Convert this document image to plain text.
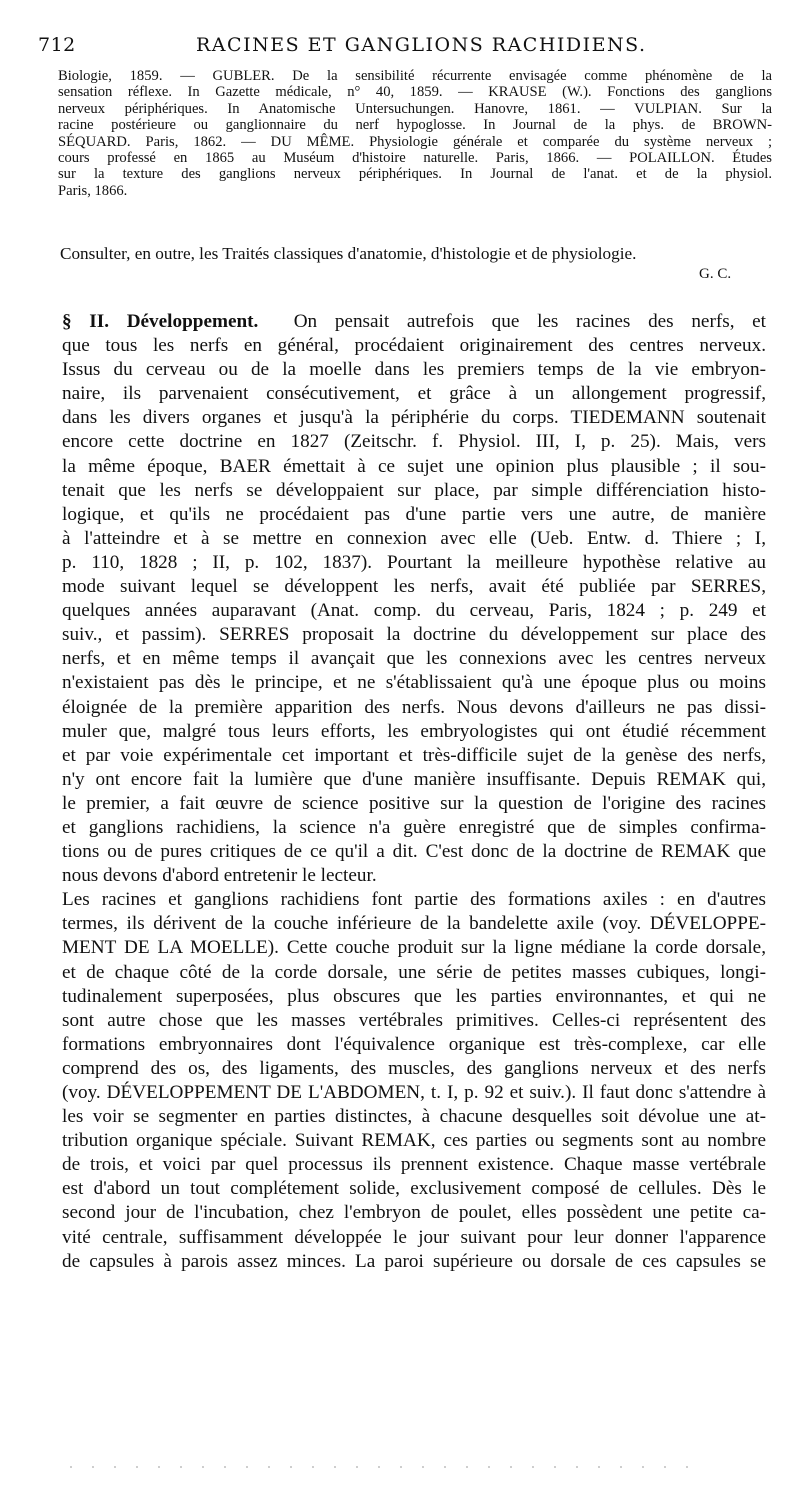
712	RACINES ET GANGLIONS RACHIDIENS.
Biologie, 1859. — GUBLER. De la sensibilité récurrente envisagée comme phénomène de la
sensation réflexe. In Gazette médicale, n° 40, 1859. — KRAUSE (W.). Fonctions des ganglions
nerveux périphériques. In Anatomische Untersuchungen. Hanovre, 1861. — VULPIAN. Sur la
racine postérieure ou ganglionnaire du nerf hypoglosse. In Journal de la phys. de BROWN-
SÉQUARD. Paris, 1862. — DU MÊME. Physiologie générale et comparée du système nerveux ;
cours professé en 1865 au Muséum d'histoire naturelle. Paris, 1866. — POLAILLON. Études
sur la texture des ganglions nerveux périphériques. In Journal de l'anat. et de la physiol.
Paris, 1866.
Consulter, en outre, les Traités classiques d'anatomie, d'histologie et de physiologie.
G. C.
§ II. Développement. On pensait autrefois que les racines des nerfs, et
que tous les nerfs en général, procédaient originairement des centres nerveux.
Issus du cerveau ou de la moelle dans les premiers temps de la vie embryon-
naire, ils parvenaient consécutivement, et grâce à un allongement progressif,
dans les divers organes et jusqu'à la périphérie du corps. TIEDEMANN soutenait
encore cette doctrine en 1827 (Zeitschr. f. Physiol. III, I, p. 25). Mais, vers
la même époque, BAER émettait à ce sujet une opinion plus plausible ; il sou-
tenait que les nerfs se développaient sur place, par simple différenciation histo-
logique, et qu'ils ne procédaient pas d'une partie vers une autre, de manière
à l'atteindre et à se mettre en connexion avec elle (Ueb. Entw. d. Thiere ; I,
p. 110, 1828 ; II, p. 102, 1837). Pourtant la meilleure hypothèse relative au
mode suivant lequel se développent les nerfs, avait été publiée par SERRES,
quelques années auparavant (Anat. comp. du cerveau, Paris, 1824 ; p. 249 et
suiv., et passim). SERRES proposait la doctrine du développement sur place des
nerfs, et en même temps il avançait que les connexions avec les centres nerveux
n'existaient pas dès le principe, et ne s'établissaient qu'à une époque plus ou moins
éloignée de la première apparition des nerfs. Nous devons d'ailleurs ne pas dissi-
muler que, malgré tous leurs efforts, les embryologistes qui ont étudié récemment
et par voie expérimentale cet important et très-difficile sujet de la genèse des nerfs,
n'y ont encore fait la lumière que d'une manière insuffisante. Depuis REMAK qui,
le premier, a fait œuvre de science positive sur la question de l'origine des racines
et ganglions rachidiens, la science n'a guère enregistré que de simples confirma-
tions ou de pures critiques de ce qu'il a dit. C'est donc de la doctrine de REMAK que
nous devons d'abord entretenir le lecteur.
Les racines et ganglions rachidiens font partie des formations axiles : en d'autres
termes, ils dérivent de la couche inférieure de la bandelette axile (voy. DÉVELOPPE-
MENT DE LA MOELLE). Cette couche produit sur la ligne médiane la corde dorsale,
et de chaque côté de la corde dorsale, une série de petites masses cubiques, longi-
tudinalement superposées, plus obscures que les parties environnantes, et qui ne
sont autre chose que les masses vertébrales primitives. Celles-ci représentent des
formations embryonnaires dont l'équivalence organique est très-complexe, car elle
comprend des os, des ligaments, des muscles, des ganglions nerveux et des nerfs
(voy. DÉVELOPPEMENT DE L'ABDOMEN, t. I, p. 92 et suiv.). Il faut donc s'attendre à
les voir se segmenter en parties distinctes, à chacune desquelles soit dévolue une at-
tribution organique spéciale. Suivant REMAK, ces parties ou segments sont au nombre
de trois, et voici par quel processus ils prennent existence. Chaque masse vertébrale
est d'abord un tout complétement solide, exclusivement composé de cellules. Dès le
second jour de l'incubation, chez l'embryon de poulet, elles possèdent une petite ca-
vité centrale, suffisamment développée le jour suivant pour leur donner l'apparence
de capsules à parois assez minces. La paroi supérieure ou dorsale de ces capsules se
